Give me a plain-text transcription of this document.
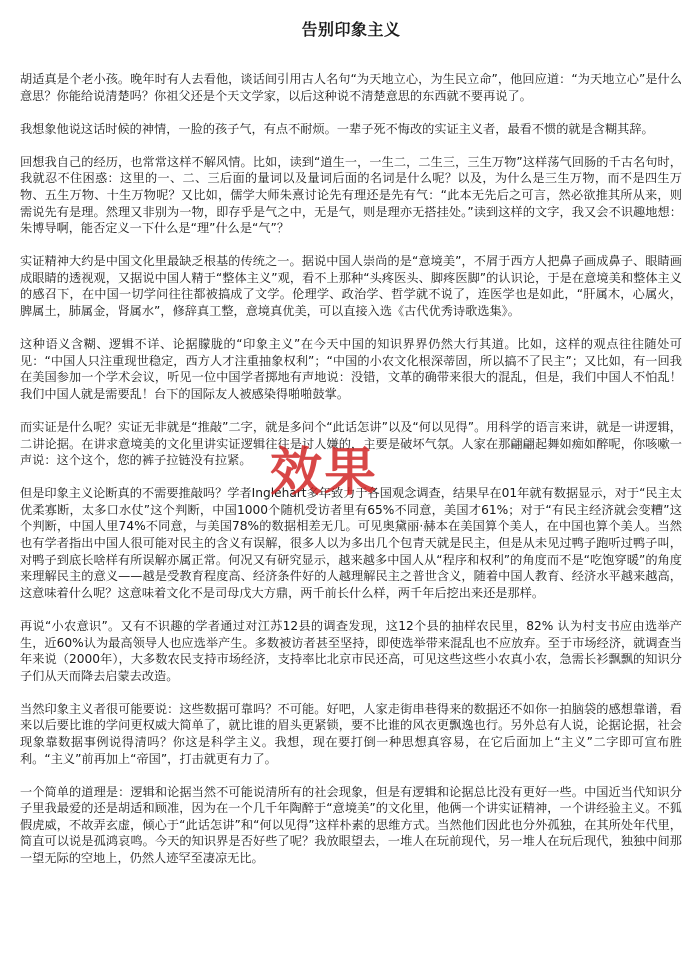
告别印象主义

胡适真是个老小孩。晚年时有人去看他，谈话间引用古人名句“为天地立心，为生民立命”，他回应道：“为天地立心”是什么意思？你能给说清楚吗？你祖父还是个天文学家，以后这种说不清楚意思的东西就不要再说了。

我想象他说这话时候的神情，一脸的孩子气，有点不耐烦。一辈子死不悔改的实证主义者，最看不惯的就是含糊其辞。

回想我自己的经历，也常常这样不解风情。比如，读到“道生一，一生二，二生三，三生万物”这样荡气回肠的千古名句时，我就忍不住困惑：这里的一、二、三后面的量词以及量词后面的名词是什么呢？以及，为什么是三生万物，而不是四生万物、五生万物、十生万物呢？又比如，儒学大师朱熹讨论先有理还是先有气：“此本无先后之可言，然必欲推其所从来，则需说先有是理。然理又非别为一物，即存乎是气之中，无是气，则是理亦无搭挂处。”读到这样的文字，我又会不识趣地想：朱博导啊，能否定义一下什么是“理”什么是“气”？

实证精神大约是中国文化里最缺乏根基的传统之一。据说中国人崇尚的是“意境美”，不屑于西方人把鼻子画成鼻子、眼睛画成眼睛的透视观，又据说中国人精于“整体主义”观，看不上那种“头疼医头、脚疼医脚”的认识论，于是在意境美和整体主义的感召下，在中国一切学问往往都被搞成了文学。伦理学、政治学、哲学就不说了，连医学也是如此，“肝属木，心属火，脾属土，肺属金，肾属水”，修辞真工整，意境真优美，可以直接入选《古代优秀诗歌选集》。

这种语义含糊、逻辑不详、论据朦胧的“印象主义”在今天中国的知识界界仍然大行其道。比如，这样的观点往往随处可见：“中国人只注重现世稳定，西方人才注重抽象权利”；“中国的小农文化根深蒂固，所以搞不了民主”；又比如，有一回我在美国参加一个学术会议，听见一位中国学者掷地有声地说：没错，文革的确带来很大的混乱，但是，我们中国人不怕乱！我们中国人就是需要乱！台下的国际友人被感染得啪啪鼓掌。

而实证是什么呢？实证无非就是“推敲”二字，就是多问个“此话怎讲”以及“何以见得”。用科学的语言来讲，就是一讲逻辑，二讲论据。在讲求意境美的文化里讲实证逻辑往往是讨人嫌的，主要是破坏气氛。人家在那翩翩起舞如痴如醉呢，你咳嗽一声说：这个这个，您的裤子拉链没有拉紧。

但是印象主义论断真的不需要推敲吗？学者Inglehart多年致力于各国观念调查，结果早在01年就有数据显示，对于“民主太优柔寡断，太多口水仗”这个判断，中国1000个随机受访者里有65%不同意，美国才61%；对于“有民主经济就会变糟”这个判断，中国人里74%不同意，与美国78%的数据相差无几。可见奥黛丽·赫本在美国算个美人，在中国也算个美人。当然也有学者指出中国人很可能对民主的含义有误解，很多人以为多出几个包青天就是民主，但是从未见过鸭子跑听过鸭子叫，对鸭子到底长啥样有所误解亦属正常。何况又有研究显示，越来越多中国人从“程序和权利”的角度而不是“吃饱穿暖”的角度来理解民主的意义——越是受教育程度高、经济条件好的人越理解民主之普世含义，随着中国人教育、经济水平越来越高，这意味着什么呢？这意味着文化不是司母戊大方鼎，两千前长什么样，两千年后挖出来还是那样。

再说“小农意识”。又有不识趣的学者通过对江苏12县的调查发现，这12个县的抽样农民里，82% 认为村支书应由选举产生，近60%认为最高领导人也应选举产生。多数被访者甚至坚持，即使选举带来混乱也不应放弃。至于市场经济，就调查当年来说（2000年），大多数农民支持市场经济，支持率比北京市民还高，可见这些这些小农真小农，急需长衫飘飘的知识分子们从天而降去启蒙去改造。

当然印象主义者很可能要说：这些数据可靠吗？不可能。好吧，人家走街串巷得来的数据还不如你一拍脑袋的感想靠谱，看来以后要比谁的学问更权威大简单了，就比谁的眉头更紧锁，要不比谁的风衣更飘逸也行。另外总有人说，论据论据，社会现象靠数据事例说得清吗？你这是科学主义。我想，现在要打倒一种思想真容易，在它后面加上“主义”二字即可宣布胜利。“主义”前再加上“帝国”，打击就更有力了。

一个简单的道理是：逻辑和论据当然不可能说清所有的社会现象，但是有逻辑和论据总比没有更好一些。中国近当代知识分子里我最爱的还是胡适和顾准，因为在一个几千年陶醉于“意境美”的文化里，他俩一个讲实证精神，一个讲经验主义。不狐假虎威，不故弄玄虚，倾心于“此话怎讲”和“何以见得”这样朴素的思维方式。当然他们因此也分外孤独，在其所处年代里，简直可以说是孤鸿哀鸣。今天的知识界是否好些了呢？我放眼望去，一堆人在玩前现代，另一堆人在玩后现代，独独中间那一望无际的空地上，仍然人迹罕至凄凉无比。

效果
